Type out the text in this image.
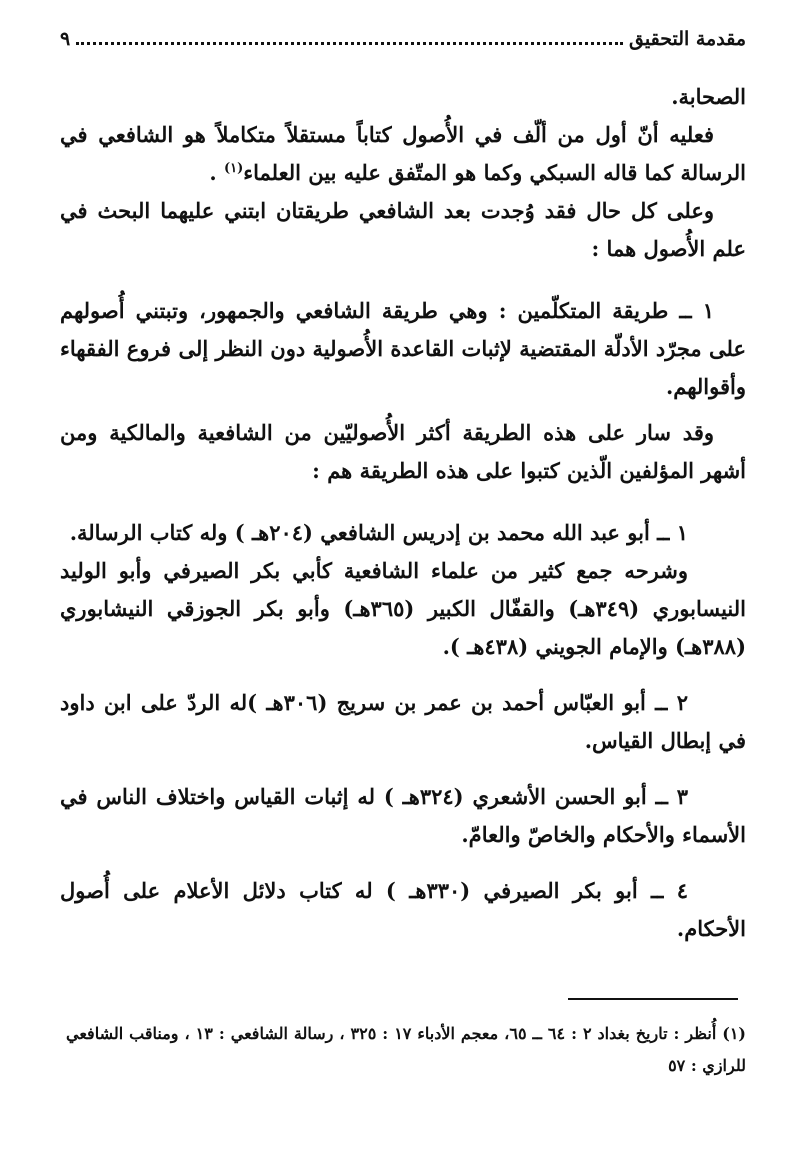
مقدمة التحقيق
٩

الصحابة.

فعليه أنّ أول من ألّف في الأُصول كتاباً مستقلاً متكاملاً هو الشافعي في الرسالة كما قاله السبكي وكما هو المتّفق عليه بين العلماء$^{(١)}$ .

وعلى كل حال فقد وُجدت بعد الشافعي طريقتان ابتني عليهما البحث في علم الأُصول هما :

١ ــ طريقة المتكلّمين : وهي طريقة الشافعي والجمهور، وتبتني أُصولهم على مجرّد الأدلّة المقتضية لإثبات القاعدة الأُصولية دون النظر إلى فروع الفقهاء وأقوالهم.

وقد سار على هذه الطريقة أكثر الأُصوليّين من الشافعية والمالكية ومن أشهر المؤلفين الّذين كتبوا على هذه الطريقة هم :

١ ــ أبو عبد الله محمد بن إدريس الشافعي (٢٠٤هـ ) وله كتاب الرسالة.

وشرحه جمع كثير من علماء الشافعية كأبي بكر الصيرفي وأبو الوليد النيسابوري (٣٤٩هـ) والقفّال الكبير (٣٦٥هـ) وأبو بكر الجوزقي النيشابوري (٣٨٨هـ) والإمام الجويني (٤٣٨هـ ).

٢ ــ أبو العبّاس أحمد بن عمر بن سريج (٣٠٦هـ )له الردّ على ابن داود في إبطال القياس.

٣ ــ أبو الحسن الأشعري (٣٢٤هـ ) له إثبات القياس واختلاف الناس في الأسماء والأحكام والخاصّ والعامّ.

٤ ــ أبو بكر الصيرفي (٣٣٠هـ ) له كتاب دلائل الأعلام على أُصول الأحكام.

(١) أُنظر : تاريخ بغداد ٢ : ٦٤ ــ ٦٥، معجم الأدباء ١٧ : ٣٢٥ ، رسالة الشافعي : ١٣ ، ومناقب الشافعي للرازي : ٥٧
